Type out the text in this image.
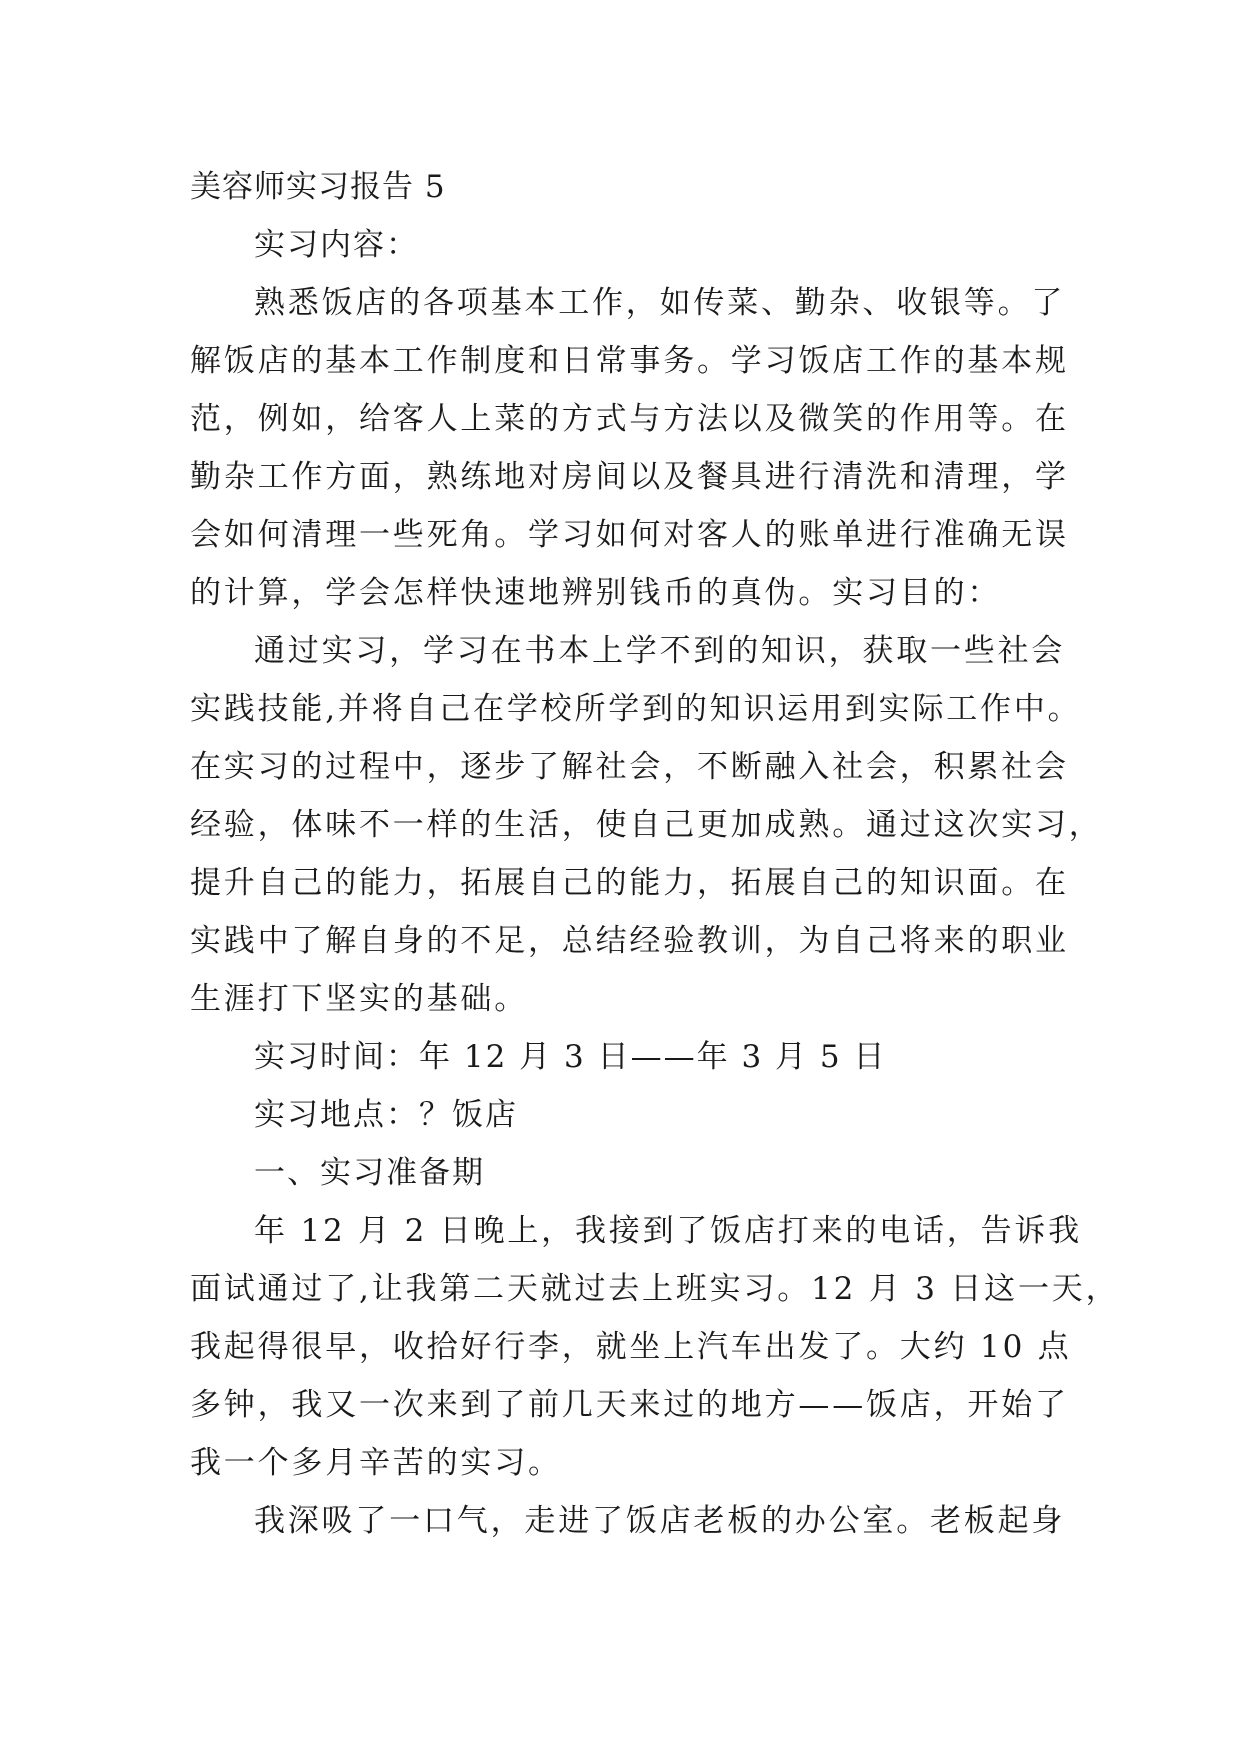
美容师实习报告 5
实习内容：
熟悉饭店的各项基本工作，如传菜、勤杂、收银等。了
解饭店的基本工作制度和日常事务。学习饭店工作的基本规
范，例如，给客人上菜的方式与方法以及微笑的作用等。在
勤杂工作方面，熟练地对房间以及餐具进行清洗和清理，学
会如何清理一些死角。学习如何对客人的账单进行准确无误
的计算，学会怎样快速地辨别钱币的真伪。实习目的：
通过实习，学习在书本上学不到的知识，获取一些社会
实践技能,并将自己在学校所学到的知识运用到实际工作中。
在实习的过程中，逐步了解社会，不断融入社会，积累社会
经验，体味不一样的生活，使自己更加成熟。通过这次实习，
提升自己的能力，拓展自己的能力，拓展自己的知识面。在
实践中了解自身的不足，总结经验教训，为自己将来的职业
生涯打下坚实的基础。
实习时间：年 12 月 3 日——年 3 月 5 日
实习地点：？饭店
一、实习准备期
年 12 月 2 日晚上，我接到了饭店打来的电话，告诉我
面试通过了,让我第二天就过去上班实习。12 月 3 日这一天，
我起得很早，收拾好行李，就坐上汽车出发了。大约 10 点
多钟，我又一次来到了前几天来过的地方——饭店，开始了
我一个多月辛苦的实习。
我深吸了一口气，走进了饭店老板的办公室。老板起身
